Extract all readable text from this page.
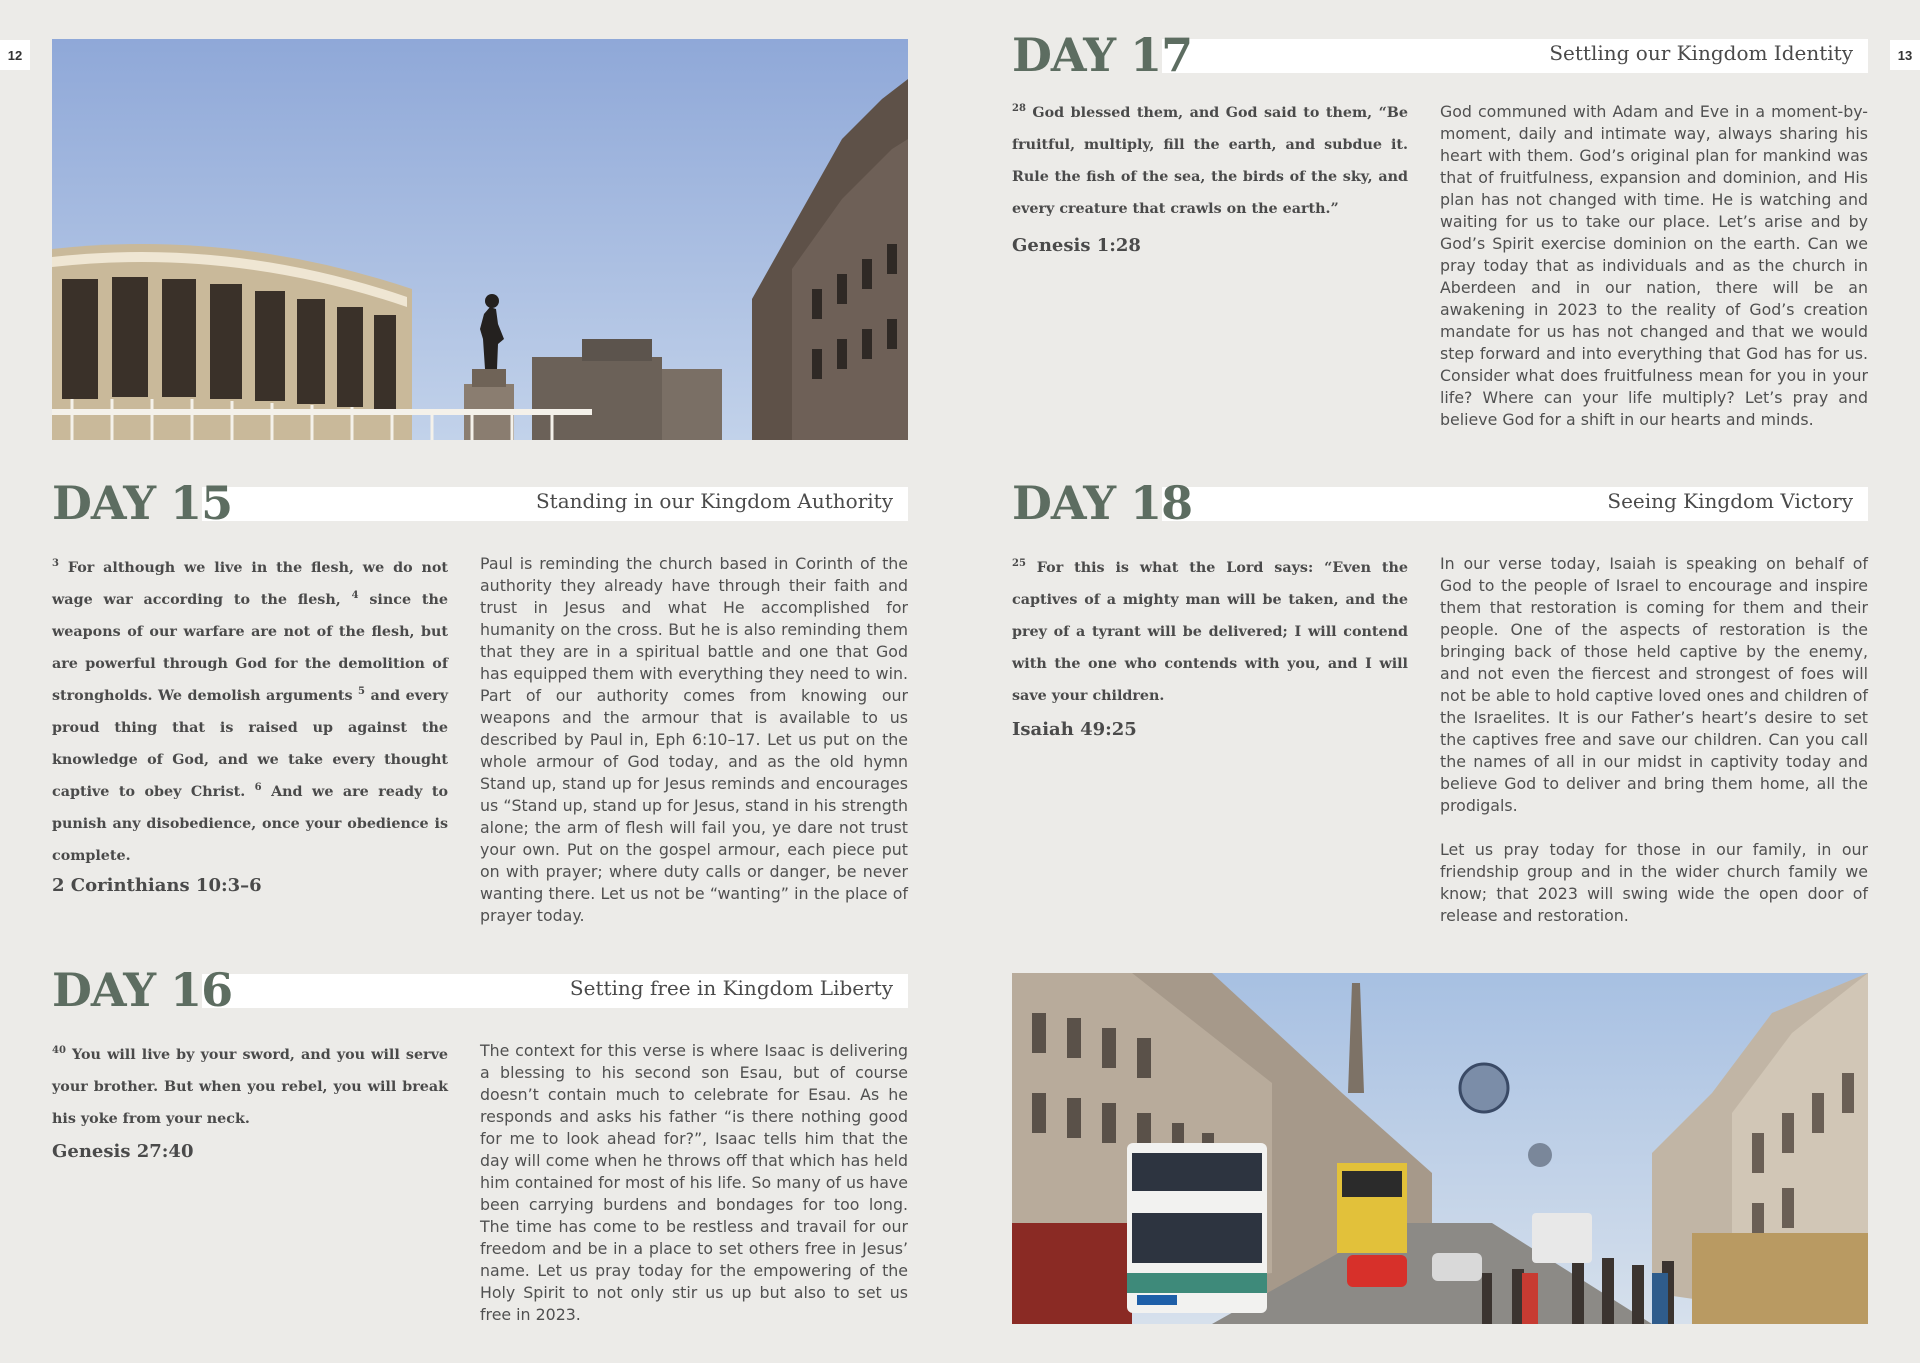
12	13
DAY 15	Standing in our Kingdom Authority

$^3$ For although we live in the flesh, we do not wage war according to the flesh, $^4$ since the weapons of our warfare are not of the flesh, but are powerful through God for the demolition of strongholds. We demolish arguments $^5$ and every proud thing that is raised up against the knowledge of God, and we take every thought captive to obey Christ. $^6$ And we are ready to punish any disobedience, once your obedience is complete.

2 Corinthians 10:3–6

Paul is reminding the church based in Corinth of the authority they already have through their faith and trust in Jesus and what He accomplished for humanity on the cross. But he is also reminding them that they are in a spiritual battle and one that God has equipped them with everything they need to win. Part of our authority comes from knowing our weapons and the armour that is available to us described by Paul in, Eph 6:10–17. Let us put on the whole armour of God today, and as the old hymn Stand up, stand up for Jesus reminds and encourages us “Stand up, stand up for Jesus, stand in his strength alone; the arm of flesh will fail you, ye dare not trust your own. Put on the gospel armour, each piece put on with prayer; where duty calls or danger, be never wanting there. Let us not be “wanting” in the place of prayer today.

DAY 16	Setting free in Kingdom Liberty

$^{40}$ You will live by your sword, and you will serve your brother. But when you rebel, you will break his yoke from your neck.

Genesis 27:40

The context for this verse is where Isaac is delivering a blessing to his second son Esau, but of course doesn’t contain much to celebrate for Esau. As he responds and asks his father “is there nothing good for me to look ahead for?”, Isaac tells him that the day will come when he throws off that which has held him contained for most of his life. So many of us have been carrying burdens and bondages for too long. The time has come to be restless and travail for our freedom and be in a place to set others free in Jesus’ name. Let us pray today for the empowering of the Holy Spirit to not only stir us up but also to set us free in 2023.

DAY 17	Settling our Kingdom Identity

$^{28}$ God blessed them, and God said to them, “Be fruitful, multiply, fill the earth, and subdue it. Rule the fish of the sea, the birds of the sky, and every creature that crawls on the earth.”

Genesis 1:28

God communed with Adam and Eve in a moment-by-moment, daily and intimate way, always sharing his heart with them. God’s original plan for mankind was that of fruitfulness, expansion and dominion, and His plan has not changed with time. He is watching and waiting for us to take our place. Let’s arise and by God’s Spirit exercise dominion on the earth. Can we pray today that as individuals and as the church in Aberdeen and in our nation, there will be an awakening in 2023 to the reality of God’s creation mandate for us has not changed and that we would step forward and into everything that God has for us. Consider what does fruitfulness mean for you in your life? Where can your life multiply? Let’s pray and believe God for a shift in our hearts and minds.

DAY 18	Seeing Kingdom Victory

$^{25}$ For this is what the Lord says: “Even the captives of a mighty man will be taken, and the prey of a tyrant will be delivered; I will contend with the one who contends with you, and I will save your children.

Isaiah 49:25

In our verse today, Isaiah is speaking on behalf of God to the people of Israel to encourage and inspire them that restoration is coming for them and their people. One of the aspects of restoration is the bringing back of those held captive by the enemy, and not even the fiercest and strongest of foes will not be able to hold captive loved ones and children of the Israelites. It is our Father’s heart’s desire to set the captives free and save our children. Can you call the names of all in our midst in captivity today and believe God to deliver and bring them home, all the prodigals.

Let us pray today for those in our family, in our friendship group and in the wider church family we know; that 2023 will swing wide the open door of release and restoration.
